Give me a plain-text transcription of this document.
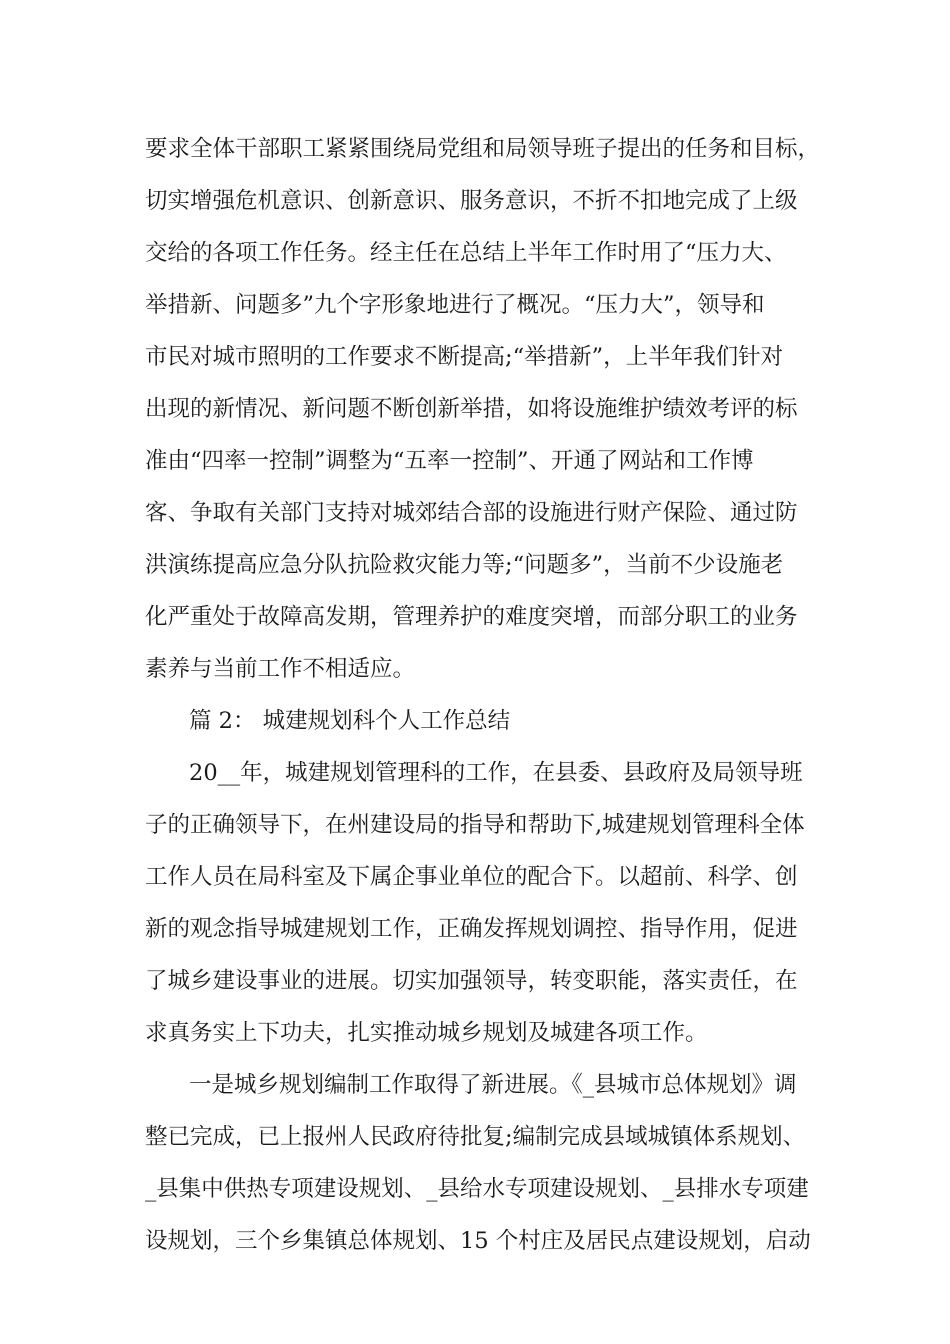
要求全体干部职工紧紧围绕局党组和局领导班子提出的任务和目标，
切实增强危机意识、创新意识、服务意识，不折不扣地完成了上级
交给的各项工作任务。经主任在总结上半年工作时用了“压力大、
举措新、问题多”九个字形象地进行了概况。“压力大”，领导和
市民对城市照明的工作要求不断提高;“举措新”，上半年我们针对
出现的新情况、新问题不断创新举措，如将设施维护绩效考评的标
准由“四率一控制”调整为“五率一控制”、开通了网站和工作博
客、争取有关部门支持对城郊结合部的设施进行财产保险、通过防
洪演练提高应急分队抗险救灾能力等;“问题多”，当前不少设施老
化严重处于故障高发期，管理养护的难度突增，而部分职工的业务
素养与当前工作不相适应。
篇 2： 城建规划科个人工作总结
20__年，城建规划管理科的工作，在县委、县政府及局领导班
子的正确领导下，在州建设局的指导和帮助下,城建规划管理科全体
工作人员在局科室及下属企事业单位的配合下。以超前、科学、创
新的观念指导城建规划工作，正确发挥规划调控、指导作用，促进
了城乡建设事业的进展。切实加强领导，转变职能，落实责任，在
求真务实上下功夫，扎实推动城乡规划及城建各项工作。
一是城乡规划编制工作取得了新进展。《_县城市总体规划》调
整已完成，已上报州人民政府待批复;编制完成县域城镇体系规划、
_县集中供热专项建设规划、_县给水专项建设规划、_县排水专项建
设规划，三个乡集镇总体规划、15 个村庄及居民点建设规划，启动
